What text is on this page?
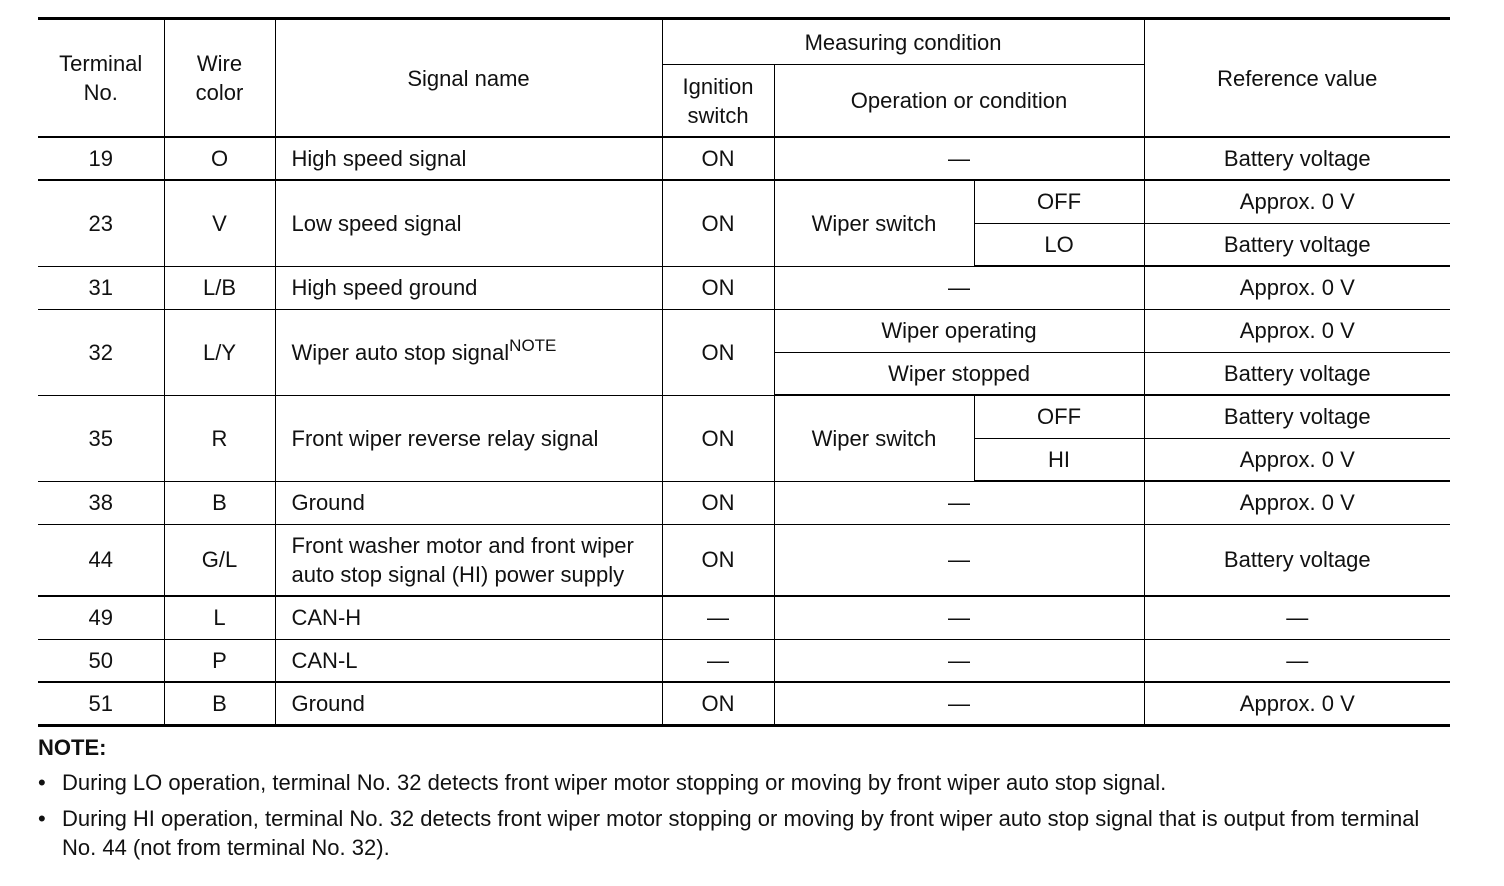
Terminal No.	Wire color	Signal name	Measuring condition			Reference value
			Ignition switch	Operation or condition		
19	O	High speed signal	ON	—		Battery voltage
23	V	Low speed signal	ON	Wiper switch	OFF	Approx. 0 V
					LO	Battery voltage
31	L/B	High speed ground	ON	—		Approx. 0 V
32	L/Y	Wiper auto stop signal$^{NOTE}$	ON	Wiper operating		Approx. 0 V
				Wiper stopped		Battery voltage
35	R	Front wiper reverse relay signal	ON	Wiper switch	OFF	Battery voltage
					HI	Approx. 0 V
38	B	Ground	ON	—		Approx. 0 V
44	G/L	Front washer motor and front wiper
auto stop signal (HI) power supply	ON	—		Battery voltage
49	L	CAN-H	—	—		—
50	P	CAN-L	—	—		—
51	B	Ground	ON	—		Approx. 0 V
NOTE:
• During LO operation, terminal No. 32 detects front wiper motor stopping or moving by front wiper auto stop signal.
• During HI operation, terminal No. 32 detects front wiper motor stopping or moving by front wiper auto stop signal that is output from terminal No. 44 (not from terminal No. 32).
